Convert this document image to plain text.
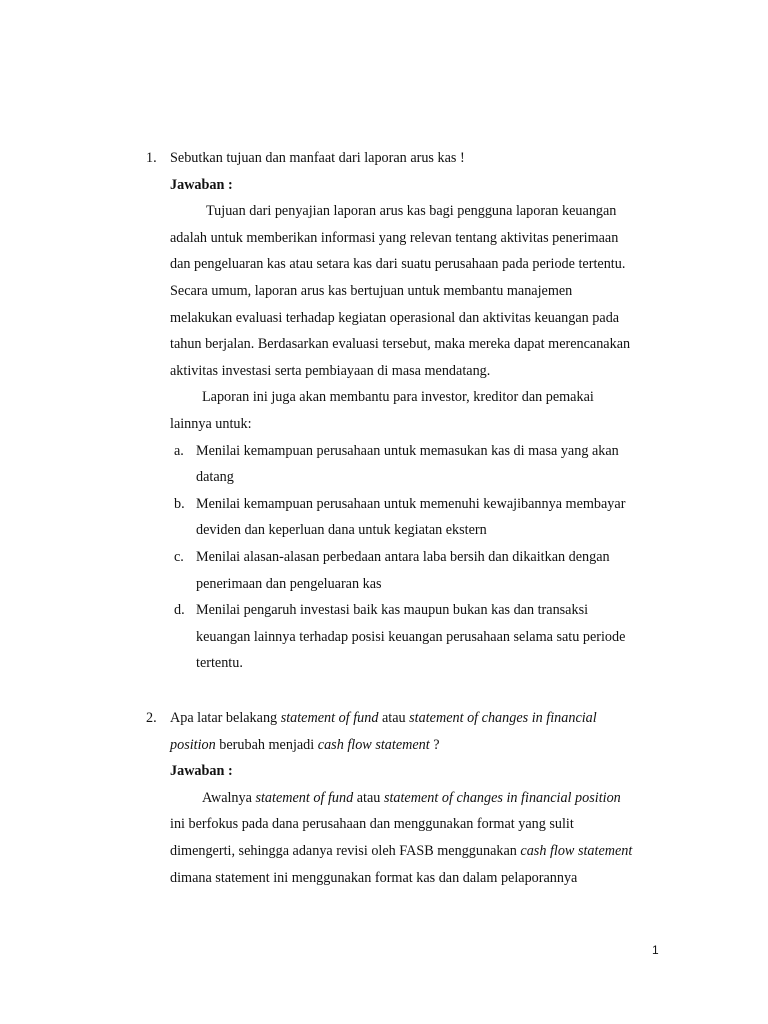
1. Sebutkan tujuan dan manfaat dari laporan arus kas !
Jawaban :
Tujuan dari penyajian laporan arus kas bagi pengguna laporan keuangan
adalah untuk memberikan informasi yang relevan tentang aktivitas penerimaan
dan pengeluaran kas atau setara kas dari suatu perusahaan pada periode tertentu.
Secara umum, laporan arus kas bertujuan untuk membantu manajemen
melakukan evaluasi terhadap kegiatan operasional dan aktivitas keuangan pada
tahun berjalan. Berdasarkan evaluasi tersebut, maka mereka dapat merencanakan
aktivitas investasi serta pembiayaan di masa mendatang.
Laporan ini juga akan membantu para investor, kreditor dan pemakai
lainnya untuk:
a. Menilai kemampuan perusahaan untuk memasukan kas di masa yang akan
datang
b. Menilai kemampuan perusahaan untuk memenuhi kewajibannya membayar
deviden dan keperluan dana untuk kegiatan ekstern
c. Menilai alasan-alasan perbedaan antara laba bersih dan dikaitkan dengan
penerimaan dan pengeluaran kas
d. Menilai pengaruh investasi baik kas maupun bukan kas dan transaksi
keuangan lainnya terhadap posisi keuangan perusahaan selama satu periode
tertentu.
2. Apa latar belakang statement of fund atau statement of changes in financial
position berubah menjadi cash flow statement ?
Jawaban :
Awalnya statement of fund atau statement of changes in financial position
ini berfokus pada dana perusahaan dan menggunakan format yang sulit
dimengerti, sehingga adanya revisi oleh FASB menggunakan cash flow statement
dimana statement ini menggunakan format kas dan dalam pelaporannya
1
